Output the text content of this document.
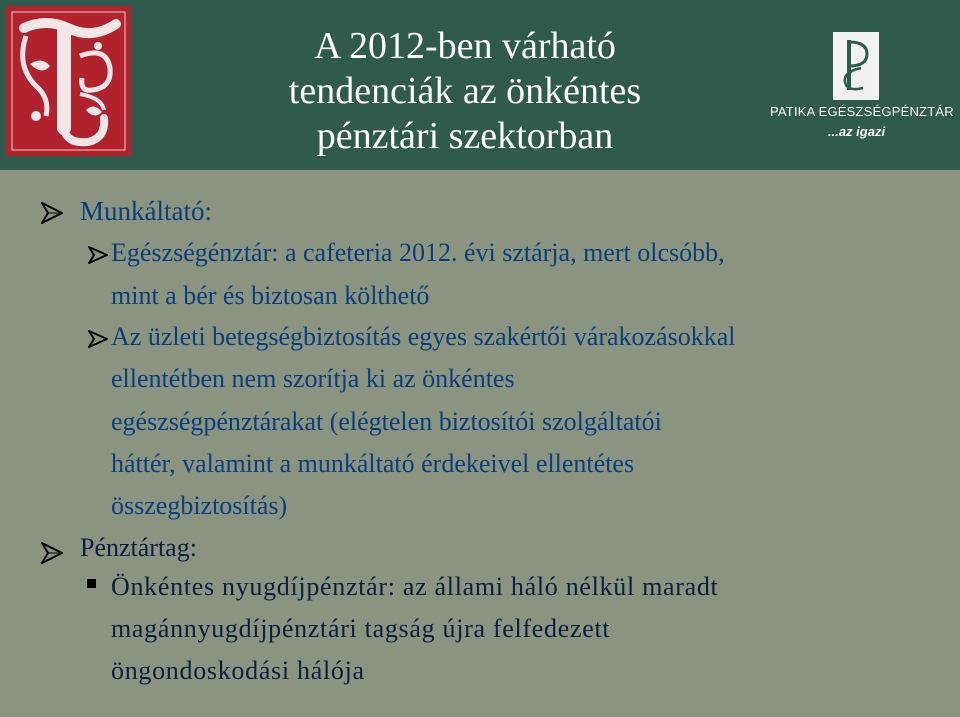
A 2012-ben várható
tendenciák az önkéntes
pénztári szektorban
PATIKA EGÉSZSÉGPÉNZTÁR
...az igazi
Munkáltató:
Egészségénztár: a cafeteria 2012. évi sztárja, mert olcsóbb,
mint a bér és biztosan költhető
Az üzleti betegségbiztosítás egyes szakértői várakozásokkal
ellentétben nem szorítja ki az önkéntes
egészségpénztárakat (elégtelen biztosítói szolgáltatói
háttér, valamint a munkáltató érdekeivel ellentétes
összegbiztosítás)
Pénztártag:
Önkéntes nyugdíjpénztár: az állami háló nélkül maradt
magánnyugdíjpénztári tagság újra felfedezett
öngondoskodási hálója
